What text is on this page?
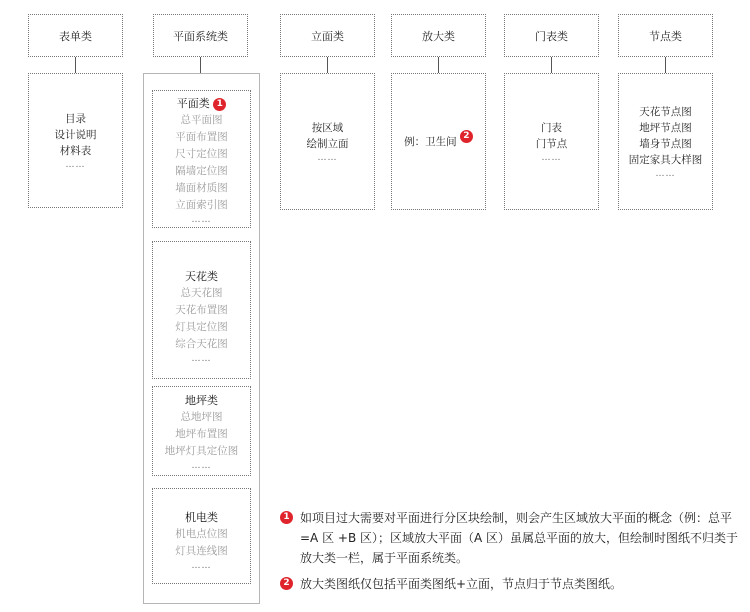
表单类
目录
设计说明
材料表
……
平面系统类
平面类 1
总平面图
平面布置图
尺寸定位图
隔墙定位图
墙面材质图
立面索引图
……
天花类
总天花图
天花布置图
灯具定位图
综合天花图
……
地坪类
总地坪图
地坪布置图
地坪灯具定位图
……
机电类
机电点位图
灯具连线图
……
立面类
按区域
绘制立面
……
放大类
例：卫生间 2
门表类
门表
门节点
……
节点类
天花节点图
地坪节点图
墙身节点图
固定家具大样图
……
1 如项目过大需要对平面进行分区块绘制，则会产生区域放大平面的概念（例：总平 =A 区 +B 区）；区域放大平面（A 区）虽属总平面的放大，但绘制时图纸不归类于放大类一栏，属于平面系统类。
2 放大类图纸仅包括平面类图纸+立面，节点归于节点类图纸。
